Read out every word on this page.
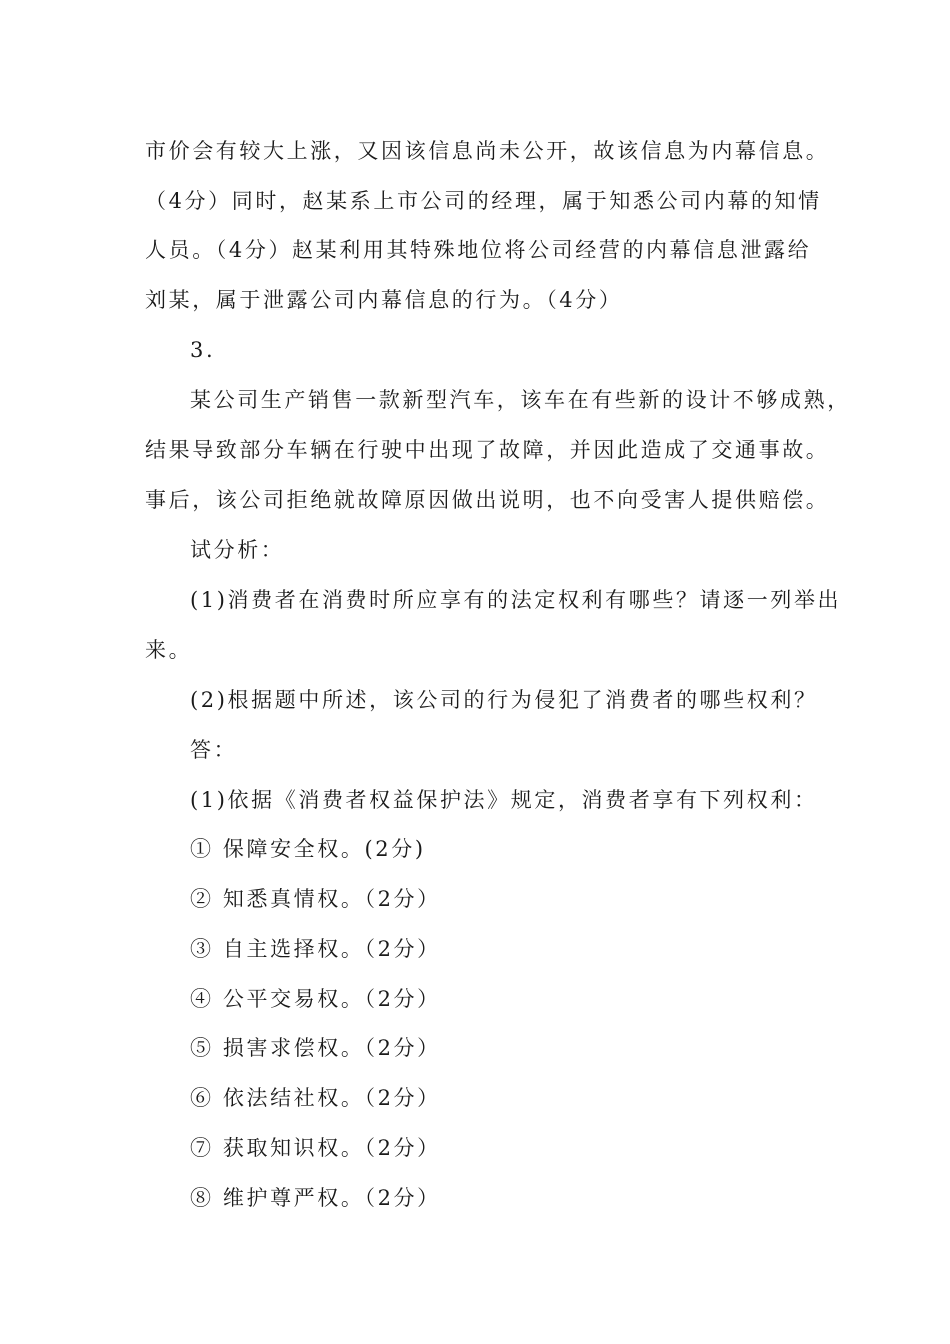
市价会有较大上涨，又因该信息尚未公开，故该信息为内幕信息。
（4分）同时，赵某系上市公司的经理，属于知悉公司内幕的知情
人员。（4分）赵某利用其特殊地位将公司经营的内幕信息泄露给
刘某，属于泄露公司内幕信息的行为。（4分）
3.
某公司生产销售一款新型汽车，该车在有些新的设计不够成熟，
结果导致部分车辆在行驶中出现了故障，并因此造成了交通事故。
事后，该公司拒绝就故障原因做出说明，也不向受害人提供赔偿。
试分析：
(1)消费者在消费时所应享有的法定权利有哪些？请逐一列举出
来。
(2)根据题中所述，该公司的行为侵犯了消费者的哪些权利？
答：
(1)依据《消费者权益保护法》规定，消费者享有下列权利：
① 保障安全权。(2分)
② 知悉真情权。（2分）
③ 自主选择权。（2分）
④ 公平交易权。（2分）
⑤ 损害求偿权。（2分）
⑥ 依法结社权。（2分）
⑦ 获取知识权。（2分）
⑧ 维护尊严权。（2分）
